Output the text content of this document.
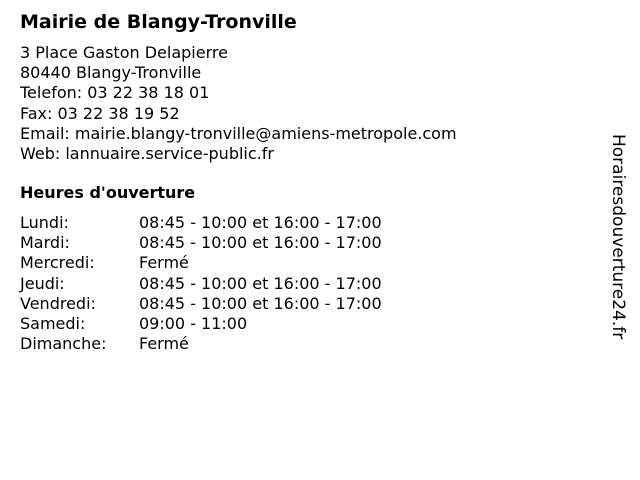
Mairie de Blangy-Tronville
3 Place Gaston Delapierre
80440 Blangy-Tronville
Telefon: 03 22 38 18 01
Fax: 03 22 38 19 52
Email: mairie.blangy-tronville@amiens-metropole.com
Web: lannuaire.service-public.fr
Heures d'ouverture
Lundi:	08:45 - 10:00 et 16:00 - 17:00
Mardi:	08:45 - 10:00 et 16:00 - 17:00
Mercredi:	Fermé
Jeudi:	08:45 - 10:00 et 16:00 - 17:00
Vendredi:	08:45 - 10:00 et 16:00 - 17:00
Samedi:	09:00 - 11:00
Dimanche: Fermé
Horairesdouverture24.fr
